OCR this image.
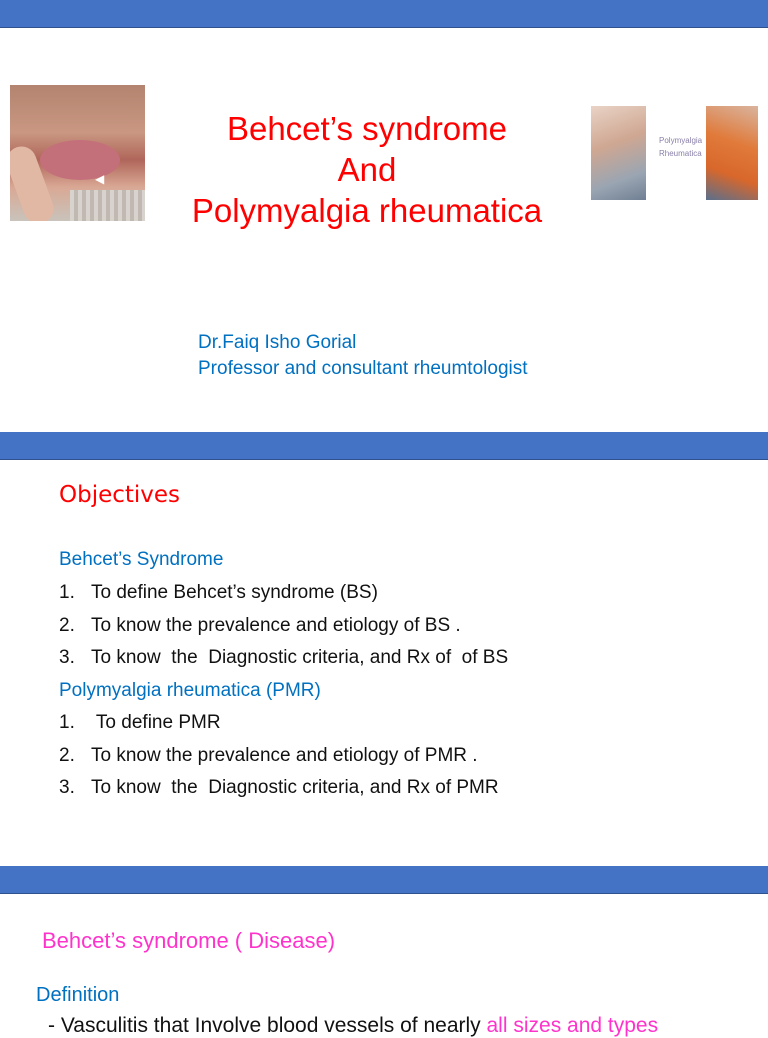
◀
Behcet’s syndrome
And
Polymyalgia rheumatica
Polymyalgia
Rheumatica
Dr.Faiq Isho Gorial
Professor and consultant rheumtologist
Objectives
Behcet’s Syndrome
1. To define Behcet’s syndrome (BS)
2. To know the prevalence and etiology of BS .
3. To know  the  Diagnostic criteria, and Rx of  of BS
Polymyalgia rheumatica (PMR)
1. To define PMR
2. To know the prevalence and etiology of PMR .
3. To know  the  Diagnostic criteria, and Rx of PMR
Behcet’s syndrome ( Disease)
Definition
- Vasculitis that Involve blood vessels of nearly all sizes and types
